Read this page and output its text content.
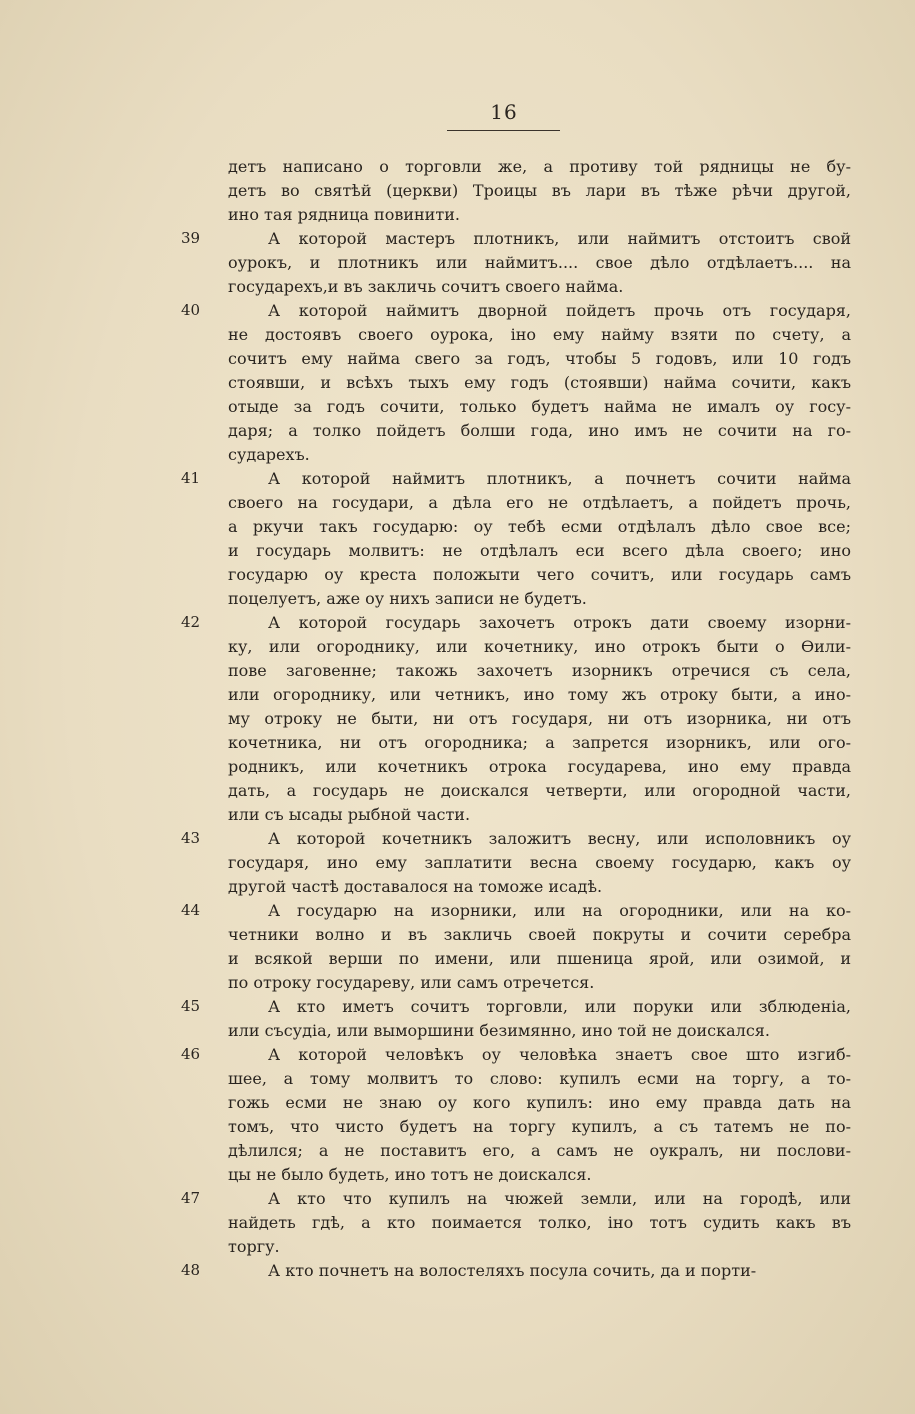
16
детъ написано о торговли же, а противу той рядницы не бу-
детъ во святѣй (церкви) Троицы въ лари въ тѣже рѣчи другой,
ино тая рядница повинити.
39	А которой мастеръ плотникъ, или наймитъ отстоитъ свой
оурокъ, и плотникъ или наймитъ.... свое дѣло отдѣлаетъ.... на
государехъ,и въ закличь сочитъ своего найма.
40	А которой наймитъ дворной пойдетъ прочь отъ государя,
не достоявъ своего оурока, іно ему найму взяти по счету, а
сочитъ ему найма свего за годъ, чтобы 5 годовъ, или 10 годъ
стоявши, и всѣхъ тыхъ ему годъ (стоявши) найма сочити, какъ
отыде за годъ сочити, только будетъ найма не ималъ оу госу-
даря; а толко пойдетъ болши года, ино имъ не сочити на го-
сударехъ.
41	А которой наймитъ плотникъ, а почнетъ сочити найма
своего на государи, а дѣла его не отдѣлаетъ, а пойдетъ прочь,
а ркучи такъ государю: оу тебѣ есми отдѣлалъ дѣло свое все;
и государь молвитъ: не отдѣлалъ еси всего дѣла своего; ино
государю оу креста положыти чего сочитъ, или государь самъ
поцелуетъ, аже оу нихъ записи не будетъ.
42	А которой государь захочетъ отрокъ дати своему изорни-
ку, или огороднику, или кочетнику, ино отрокъ быти о Ѳили-
пове заговенне; такожь захочетъ изорникъ отречися съ села,
или огороднику, или четникъ, ино тому жъ отроку быти, а ино-
му отроку не быти, ни отъ государя, ни отъ изорника, ни отъ
кочетника, ни отъ огородника; а запрется изорникъ, или ого-
родникъ, или кочетникъ отрока государева, ино ему правда
дать, а государь не доискался четверти, или огородной части,
или съ ысады рыбной части.
43	А которой кочетникъ заложитъ весну, или исполовникъ оу
государя, ино ему заплатити весна своему государю, какъ оу
другой частѣ доставалося на томоже исадѣ.
44	А государю на изорники, или на огородники, или на ко-
четники волно и въ закличь своей покруты и сочити серебра
и всякой верши по имени, или пшеница ярой, или озимой, и
по отроку государеву, или самъ отречется.
45	А кто иметъ сочитъ торговли, или поруки или зблюденіа,
или съсудіа, или выморшини безимянно, ино той не доискался.
46	А которой человѣкъ оу человѣка знаетъ свое што изгиб-
шее, а тому молвитъ то слово: купилъ есми на торгу, а то-
гожь есми не знаю оу кого купилъ: ино ему правда дать на
томъ, что чисто будетъ на торгу купилъ, а съ татемъ не по-
дѣлился; а не поставитъ его, а самъ не оукралъ, ни послови-
цы не было будеть, ино тотъ не доискался.
47	А кто что купилъ на чюжей земли, или на городѣ, или
найдеть гдѣ, а кто поимается толко, іно тотъ судить какъ въ
торгу.
48	А кто почнетъ на волостеляхъ посула сочить, да и порти-
